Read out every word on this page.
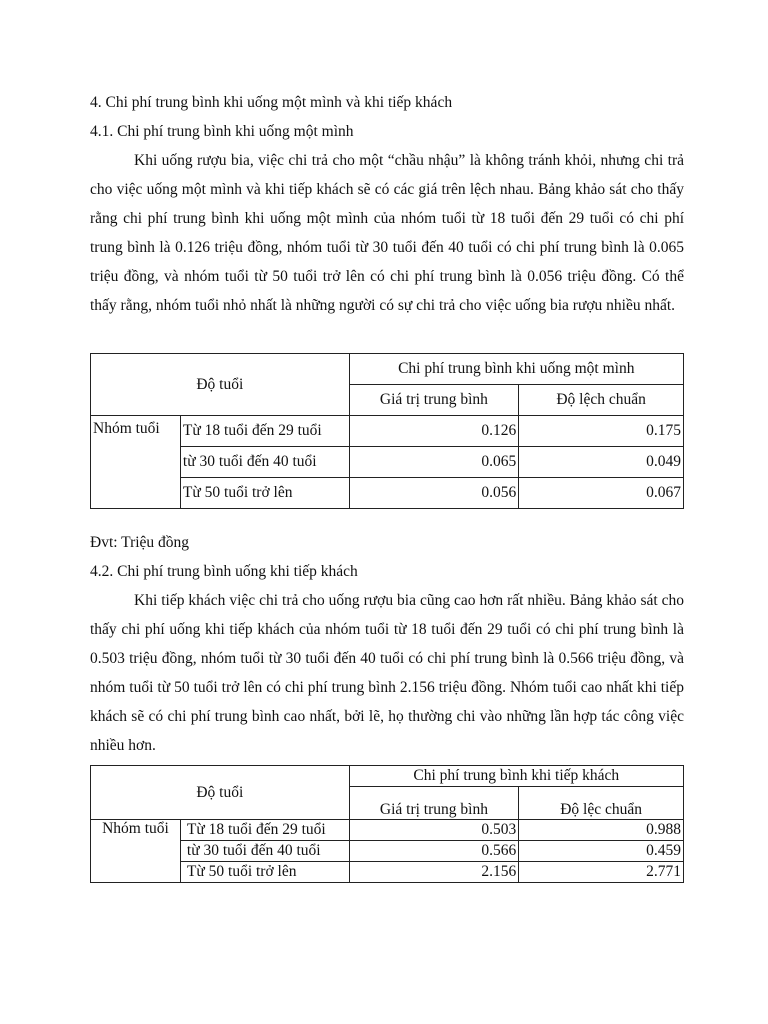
4. Chi phí trung bình khi uống một mình và khi tiếp khách
4.1. Chi phí trung bình khi uống một mình
Khi uống rượu bia, việc chi trả cho một “chầu nhậu” là không tránh khỏi, nhưng chi trả cho việc uống một mình và khi tiếp khách sẽ có các giá trên lệch nhau. Bảng khảo sát cho thấy rằng chi phí trung bình khi uống một mình của nhóm tuổi từ 18 tuổi đến 29 tuổi có chi phí trung bình là 0.126 triệu đồng, nhóm tuổi từ 30 tuổi đến 40 tuổi có chi phí trung bình là 0.065 triệu đồng, và nhóm tuổi từ 50 tuổi trở lên có chi phí trung bình là 0.056 triệu đồng. Có thể thấy rằng, nhóm tuổi nhỏ nhất là những người có sự chi trả cho việc uống bia rượu nhiều nhất.
Độ tuổi		Chi phí trung bình khi uống một mình	
		Giá trị trung bình	Độ lệch chuẩn
Nhóm tuổi	Từ 18 tuổi đến 29 tuổi	0.126	0.175
	từ 30 tuổi đến 40 tuổi	0.065	0.049
	Từ 50 tuổi trở lên	0.056	0.067
Đvt: Triệu đồng
4.2. Chi phí trung bình uống khi tiếp khách
Khi tiếp khách việc chi trả cho uống rượu bia cũng cao hơn rất nhiều. Bảng khảo sát cho thấy chi phí uống khi tiếp khách của nhóm tuổi từ 18 tuổi đến 29 tuổi có chi phí trung bình là 0.503 triệu đồng, nhóm tuổi từ 30 tuổi đến 40 tuổi có chi phí trung bình là 0.566 triệu đồng, và nhóm tuổi từ 50 tuổi trở lên có chi phí trung bình 2.156 triệu đồng. Nhóm tuổi cao nhất khi tiếp khách sẽ có chi phí trung bình cao nhất, bởi lẽ, họ thường chi vào những lần hợp tác công việc nhiều hơn.
Độ tuổi		Chi phí trung bình khi tiếp khách	
		Giá trị trung bình	Độ lệc chuẩn
Nhóm tuổi	Từ 18 tuổi đến 29 tuổi	0.503	0.988
	từ 30 tuổi đến 40 tuổi	0.566	0.459
	Từ 50 tuổi trở lên	2.156	2.771
